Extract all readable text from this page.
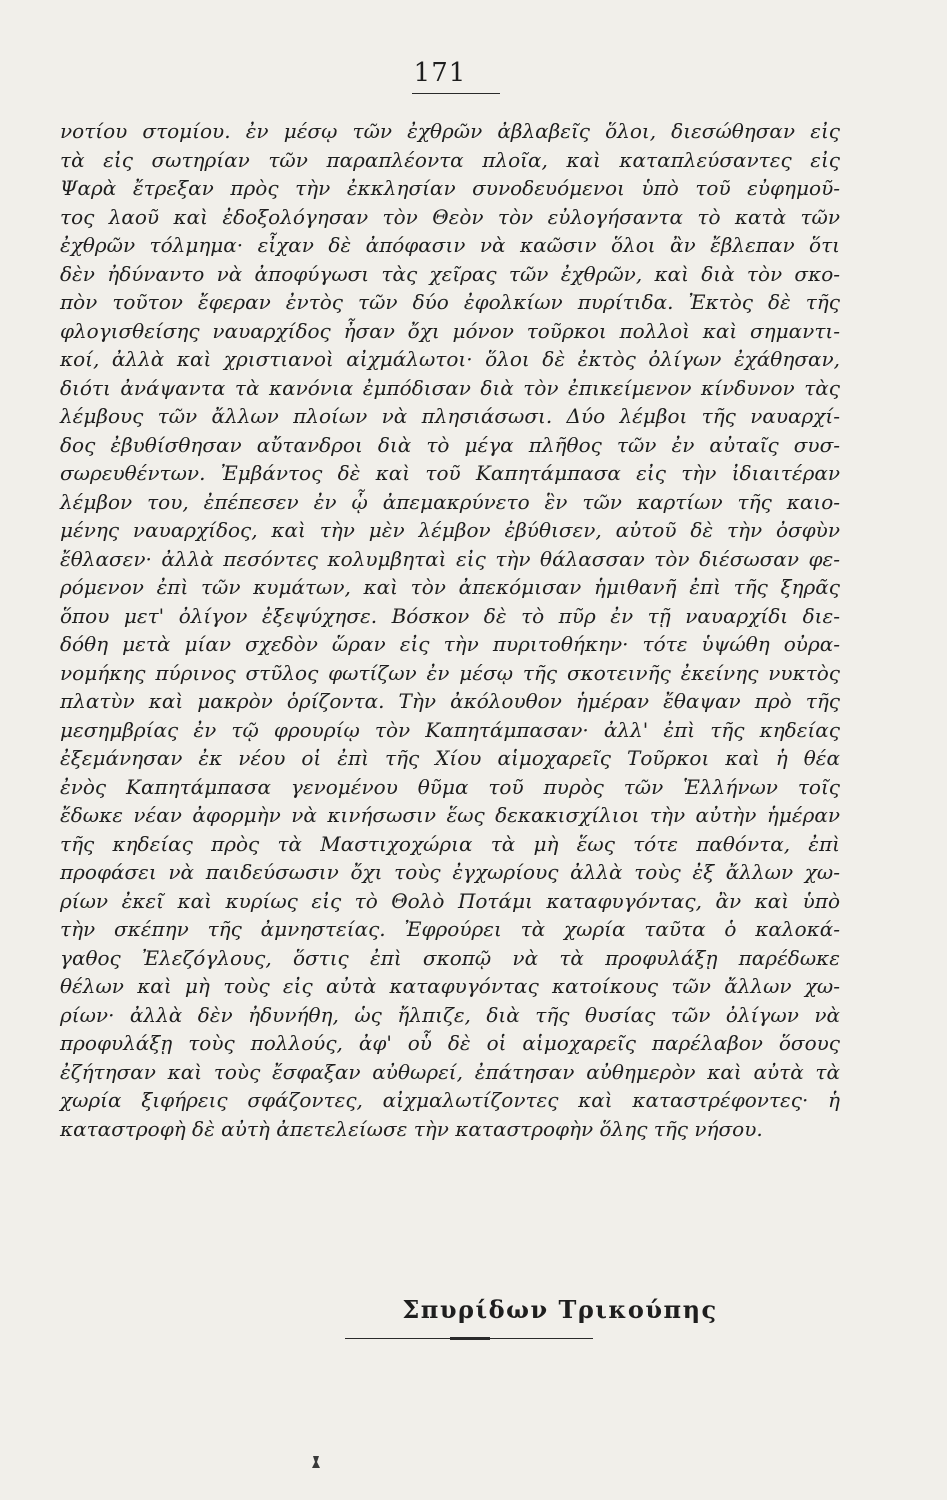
171
νοτίου στομίου. ἐν μέσῳ τῶν ἐχθρῶν ἀβλαβεῖς ὅλοι, διεσώθησαν εἰς
τὰ εἰς σωτηρίαν τῶν παραπλέοντα πλοῖα, καὶ καταπλεύσαντες εἰς
Ψαρὰ ἔτρεξαν πρὸς τὴν ἐκκλησίαν συνοδευόμενοι ὑπὸ τοῦ εὐφημοῦ-
τος λαοῦ καὶ ἐδοξολόγησαν τὸν Θεὸν τὸν εὐλογήσαντα τὸ κατὰ τῶν
ἐχθρῶν τόλμημα· εἶχαν δὲ ἀπόφασιν νὰ καῶσιν ὅλοι ἂν ἔβλεπαν ὅτι
δὲν ἠδύναντο νὰ ἀποφύγωσι τὰς χεῖρας τῶν ἐχθρῶν, καὶ διὰ τὸν σκο-
πὸν τοῦτον ἔφεραν ἐντὸς τῶν δύο ἐφολκίων πυρίτιδα. Ἐκτὸς δὲ τῆς
φλογισθείσης ναυαρχίδος ἦσαν ὄχι μόνον τοῦρκοι πολλοὶ καὶ σημαντι-
κοί, ἀλλὰ καὶ χριστιανοὶ αἰχμάλωτοι· ὅλοι δὲ ἐκτὸς ὀλίγων ἐχάθησαν,
διότι ἀνάψαντα τὰ κανόνια ἐμπόδισαν διὰ τὸν ἐπικείμενον κίνδυνον τὰς
λέμβους τῶν ἄλλων πλοίων νὰ πλησιάσωσι. Δύο λέμβοι τῆς ναυαρχί-
δος ἐβυθίσθησαν αὔτανδροι διὰ τὸ μέγα πλῆθος τῶν ἐν αὐταῖς συσ-
σωρευθέντων. Ἐμβάντος δὲ καὶ τοῦ Καπητάμπασα εἰς τὴν ἰδιαιτέραν
λέμβον του, ἐπέπεσεν ἐν ᾧ ἀπεμακρύνετο ἓν τῶν καρτίων τῆς καιο-
μένης ναυαρχίδος, καὶ τὴν μὲν λέμβον ἐβύθισεν, αὐτοῦ δὲ τὴν ὀσφὺν
ἔθλασεν· ἀλλὰ πεσόντες κολυμβηταὶ εἰς τὴν θάλασσαν τὸν διέσωσαν φε-
ρόμενον ἐπὶ τῶν κυμάτων, καὶ τὸν ἀπεκόμισαν ἡμιθανῆ ἐπὶ τῆς ξηρᾶς
ὅπου μετ' ὀλίγον ἐξεψύχησε. Βόσκον δὲ τὸ πῦρ ἐν τῇ ναυαρχίδι διε-
δόθη μετὰ μίαν σχεδὸν ὥραν εἰς τὴν πυριτοθήκην· τότε ὑψώθη οὐρα-
νομήκης πύρινος στῦλος φωτίζων ἐν μέσῳ τῆς σκοτεινῆς ἐκείνης νυκτὸς
πλατὺν καὶ μακρὸν ὁρίζοντα. Τὴν ἀκόλουθον ἡμέραν ἔθαψαν πρὸ τῆς
μεσημβρίας ἐν τῷ φρουρίῳ τὸν Καπητάμπασαν· ἀλλ' ἐπὶ τῆς κηδείας
ἐξεμάνησαν ἐκ νέου οἱ ἐπὶ τῆς Χίου αἱμοχαρεῖς Τοῦρκοι καὶ ἡ θέα
ἐνὸς Καπητάμπασα γενομένου θῦμα τοῦ πυρὸς τῶν Ἑλλήνων τοῖς
ἔδωκε νέαν ἀφορμὴν νὰ κινήσωσιν ἕως δεκακισχίλιοι τὴν αὐτὴν ἡμέραν
τῆς κηδείας πρὸς τὰ Μαστιχοχώρια τὰ μὴ ἕως τότε παθόντα, ἐπὶ
προφάσει νὰ παιδεύσωσιν ὄχι τοὺς ἐγχωρίους ἀλλὰ τοὺς ἐξ ἄλλων χω-
ρίων ἐκεῖ καὶ κυρίως εἰς τὸ Θολὸ Ποτάμι καταφυγόντας, ἂν καὶ ὑπὸ
τὴν σκέπην τῆς ἀμνηστείας. Ἐφρούρει τὰ χωρία ταῦτα ὁ καλοκά-
γαθος Ἐλεζόγλους, ὅστις ἐπὶ σκοπῷ νὰ τὰ προφυλάξῃ παρέδωκε
θέλων καὶ μὴ τοὺς εἰς αὐτὰ καταφυγόντας κατοίκους τῶν ἄλλων χω-
ρίων· ἀλλὰ δὲν ἠδυνήθη, ὡς ἤλπιζε, διὰ τῆς θυσίας τῶν ὀλίγων νὰ
προφυλάξῃ τοὺς πολλούς, ἀφ' οὗ δὲ οἱ αἱμοχαρεῖς παρέλαβον ὅσους
ἐζήτησαν καὶ τοὺς ἔσφαξαν αὐθωρεί, ἐπάτησαν αὐθημερὸν καὶ αὐτὰ τὰ
χωρία ξιφήρεις σφάζοντες, αἰχμαλωτίζοντες καὶ καταστρέφοντες· ἡ
καταστροφὴ δὲ αὐτὴ ἀπετελείωσε τὴν καταστροφὴν ὅλης τῆς νήσου.
Σπυρίδων Τρικούπης
